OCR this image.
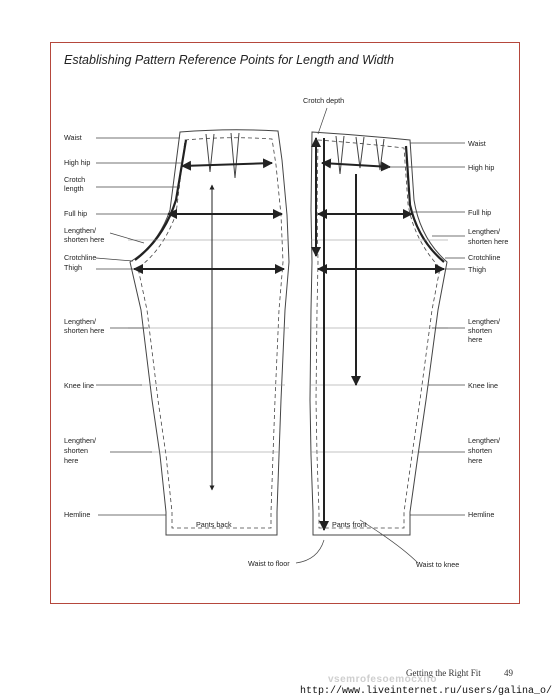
Establishing Pattern Reference Points for Length and Width
Waist
High hip
Crotch
length
Full hip
Lengthen/
shorten here
Crotchline
Thigh
Lengthen/
shorten here
Knee line
Lengthen/
shorten
here
Hemline
Crotch depth
Waist
High hip
Full hip
Lengthen/
shorten here
Crotchline
Thigh
Lengthen/
shorten
here
Knee line
Lengthen/
shorten
here
Hemline
Pants back	Pants front
Waist to floor	Waist to knee
Getting the Right Fit	49
vsemrofesoemocxifo
http://www.liveinternet.ru/users/galina_o/
